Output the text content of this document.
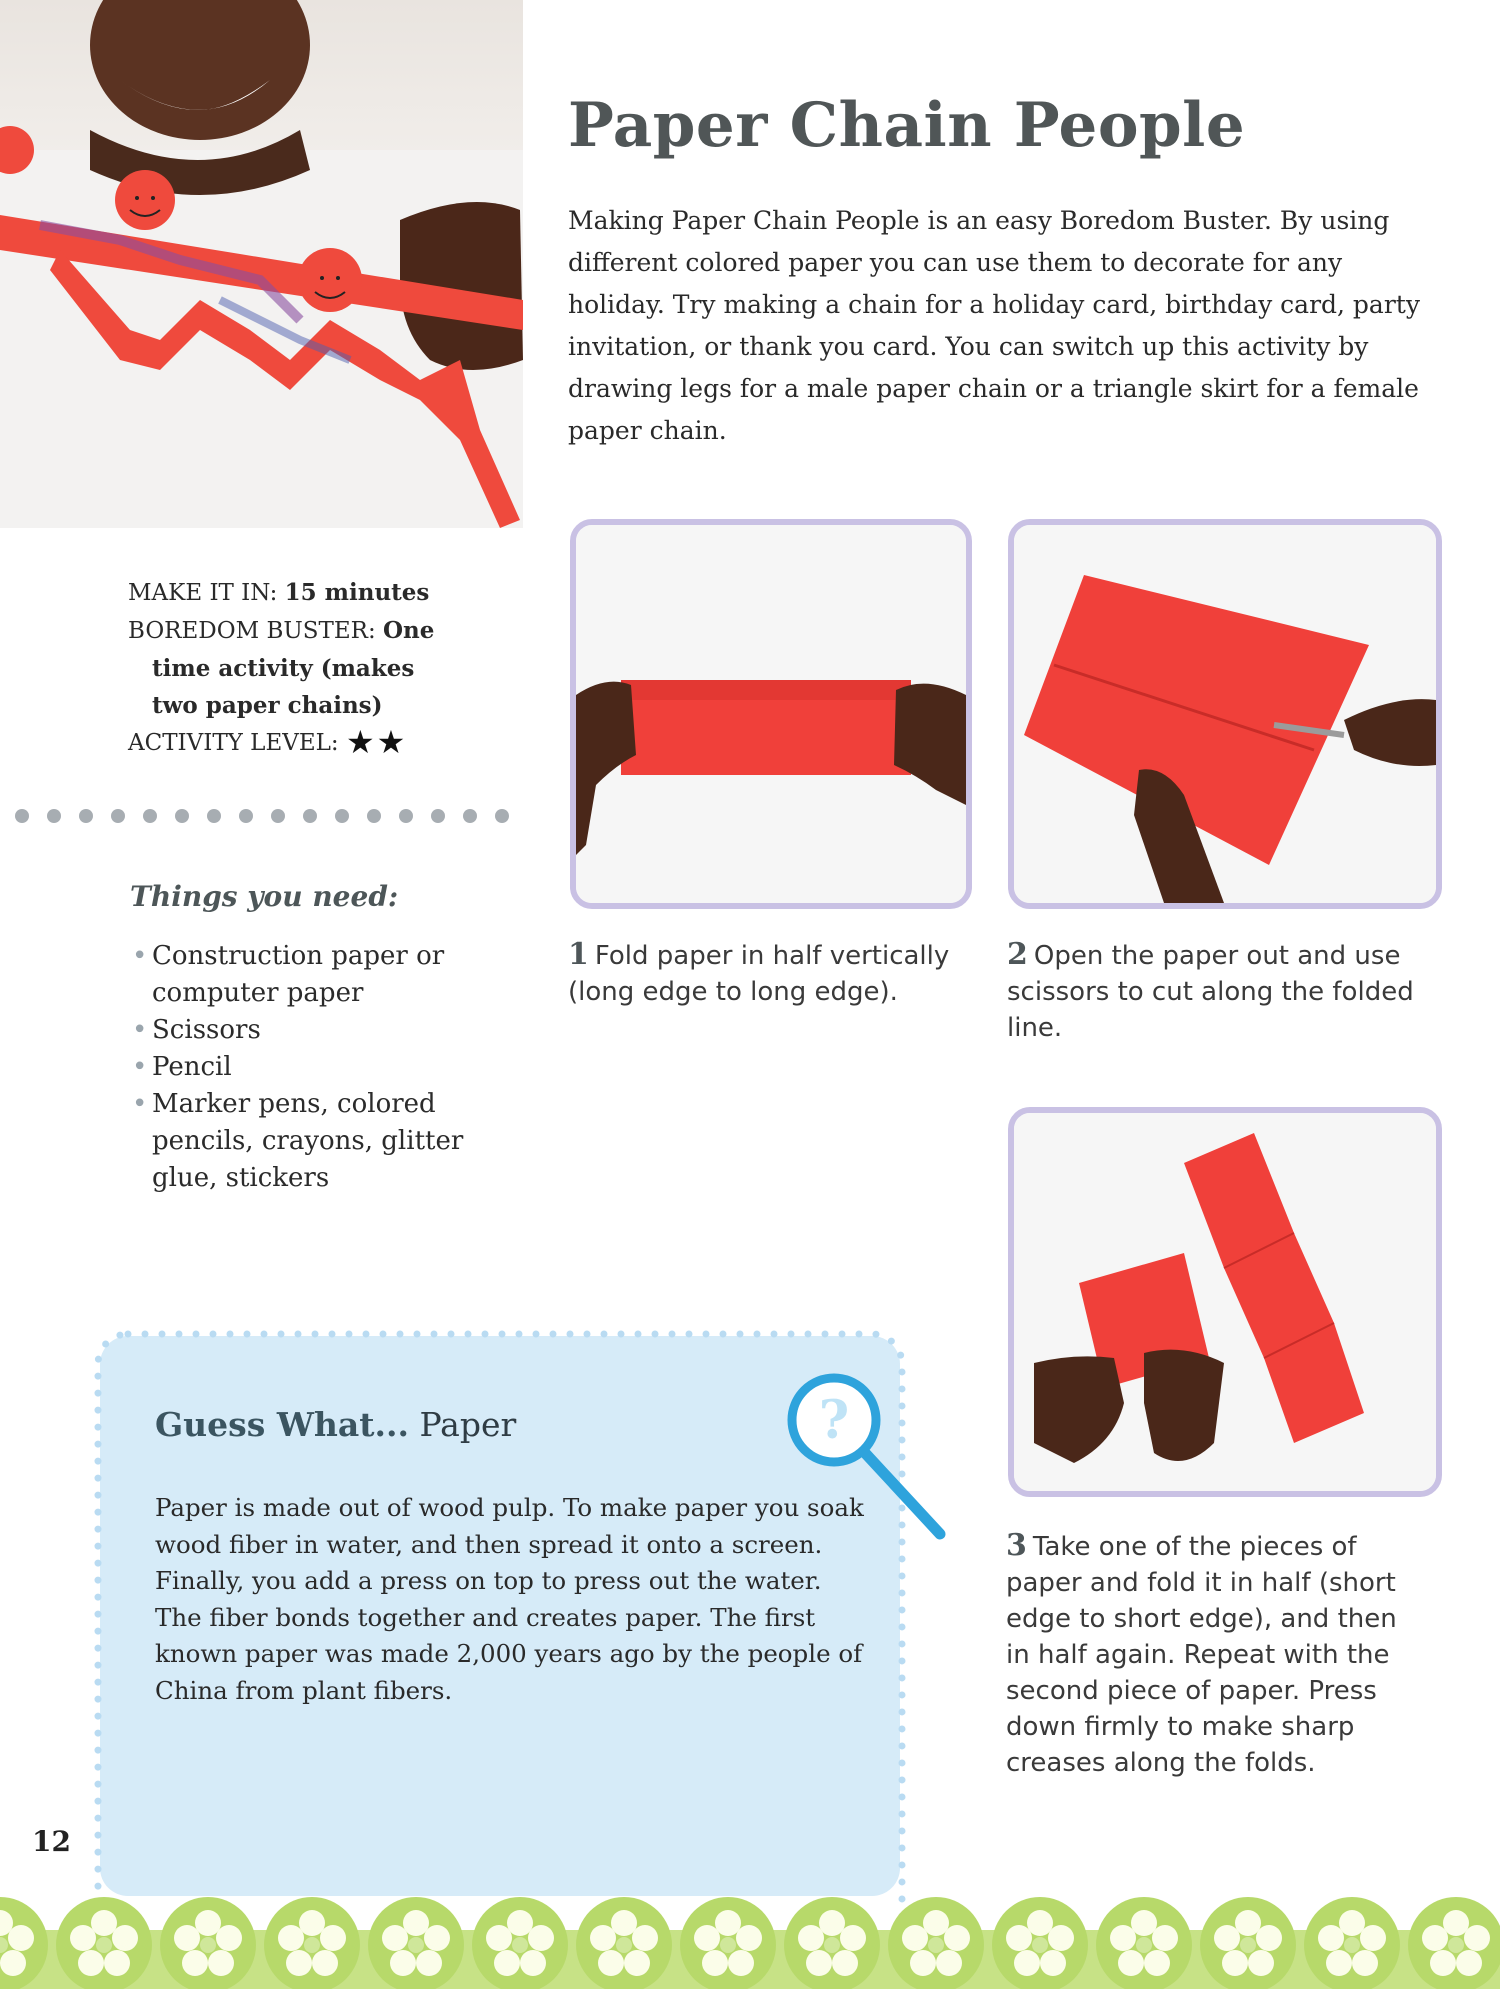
Paper Chain People

Making Paper Chain People is an easy Boredom Buster. By using different colored paper you can use them to decorate for any holiday. Try making a chain for a holiday card, birthday card, party invitation, or thank you card. You can switch up this activity by drawing legs for a male paper chain or a triangle skirt for a female paper chain.

MAKE IT IN: 15 minutes
BOREDOM BUSTER: One
time activity (makes
two paper chains)
ACTIVITY LEVEL: ★★
Things you need:
• Construction paper or computer paper
• Scissors
• Pencil
• Marker pens, colored pencils, crayons, glitter glue, stickers
1 Fold paper in half vertically (long edge to long edge).
2 Open the paper out and use scissors to cut along the folded line.
3 Take one of the pieces of paper and fold it in half (short edge to short edge), and then in half again. Repeat with the second piece of paper. Press down firmly to make sharp creases along the folds.
Guess What... Paper

Paper is made out of wood pulp. To make paper you soak wood fiber in water, and then spread it onto a screen. Finally, you add a press on top to press out the water. The fiber bonds together and creates paper. The first known paper was made 2,000 years ago by the people of China from plant fibers.

?
12
